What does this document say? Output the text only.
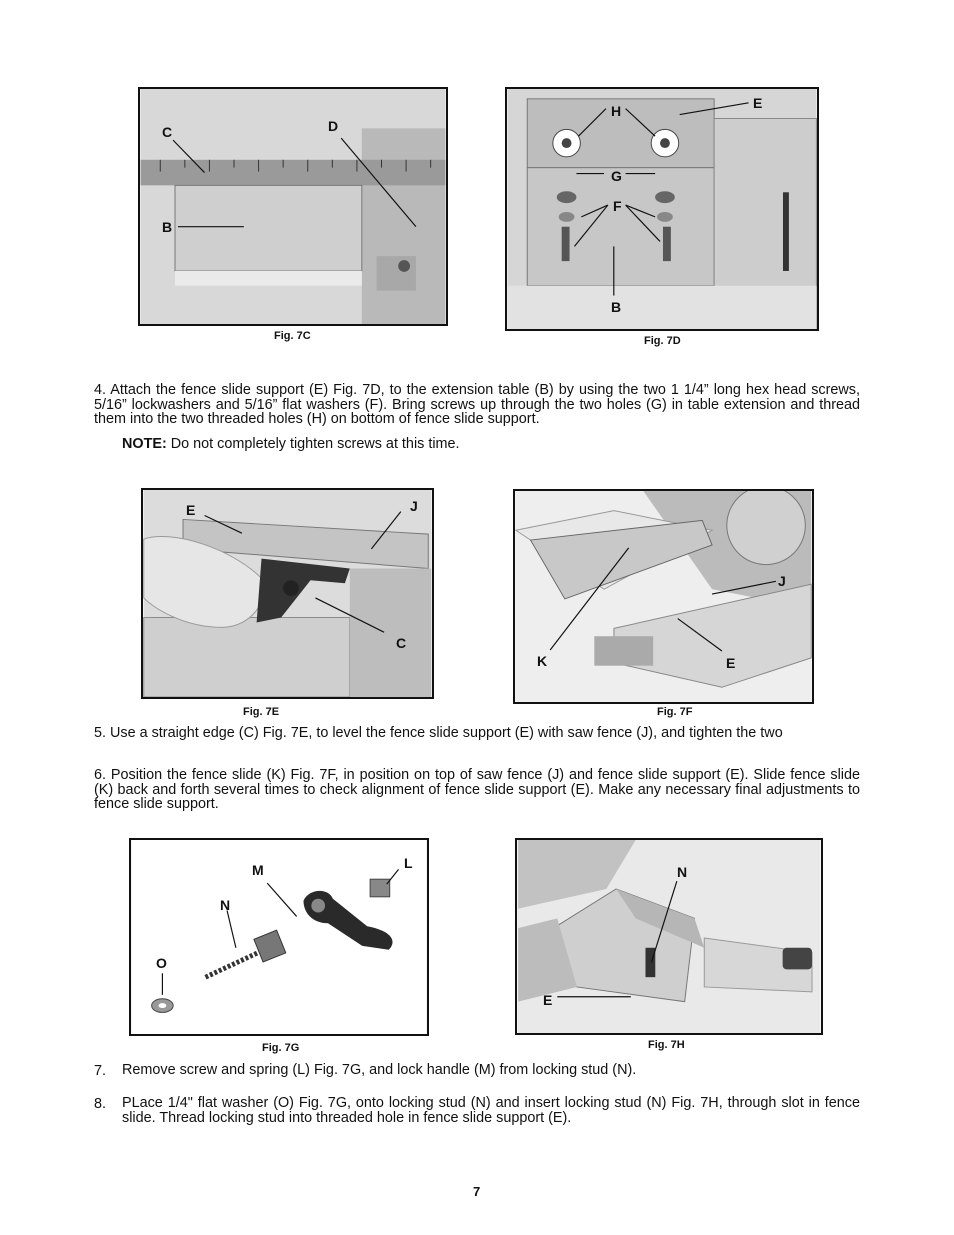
C	D
B
Fig. 7C
H	E
G
F
B
Fig. 7D
4. Attach the fence slide support (E) Fig. 7D, to the extension table (B) by using the two 1 1/4” long hex head screws, 5/16” lockwashers and 5/16” flat washers (F). Bring screws up through the two holes (G) in table extension and thread them into the two threaded holes (H) on bottom of fence slide support.
NOTE: Do not completely tighten screws at this time.
E	J
C
Fig. 7E
J
K	E
Fig. 7F
5. Use a straight edge (C) Fig. 7E, to level the fence slide support (E) with saw fence (J), and tighten the two
6. Position the fence slide (K) Fig. 7F, in position on top of saw fence (J) and fence slide support (E). Slide fence slide (K) back and forth several times to check alignment of fence slide support (E). Make any necessary final adjustments to fence slide support.
M	L
N
O
Fig. 7G
N
E
Fig. 7H
7. Remove screw and spring (L) Fig. 7G, and lock handle (M) from locking stud (N).
8. PLace 1/4" flat washer (O) Fig. 7G, onto locking stud (N) and insert locking stud (N) Fig. 7H, through slot in fence slide. Thread locking stud into threaded hole in fence slide support (E).
7
